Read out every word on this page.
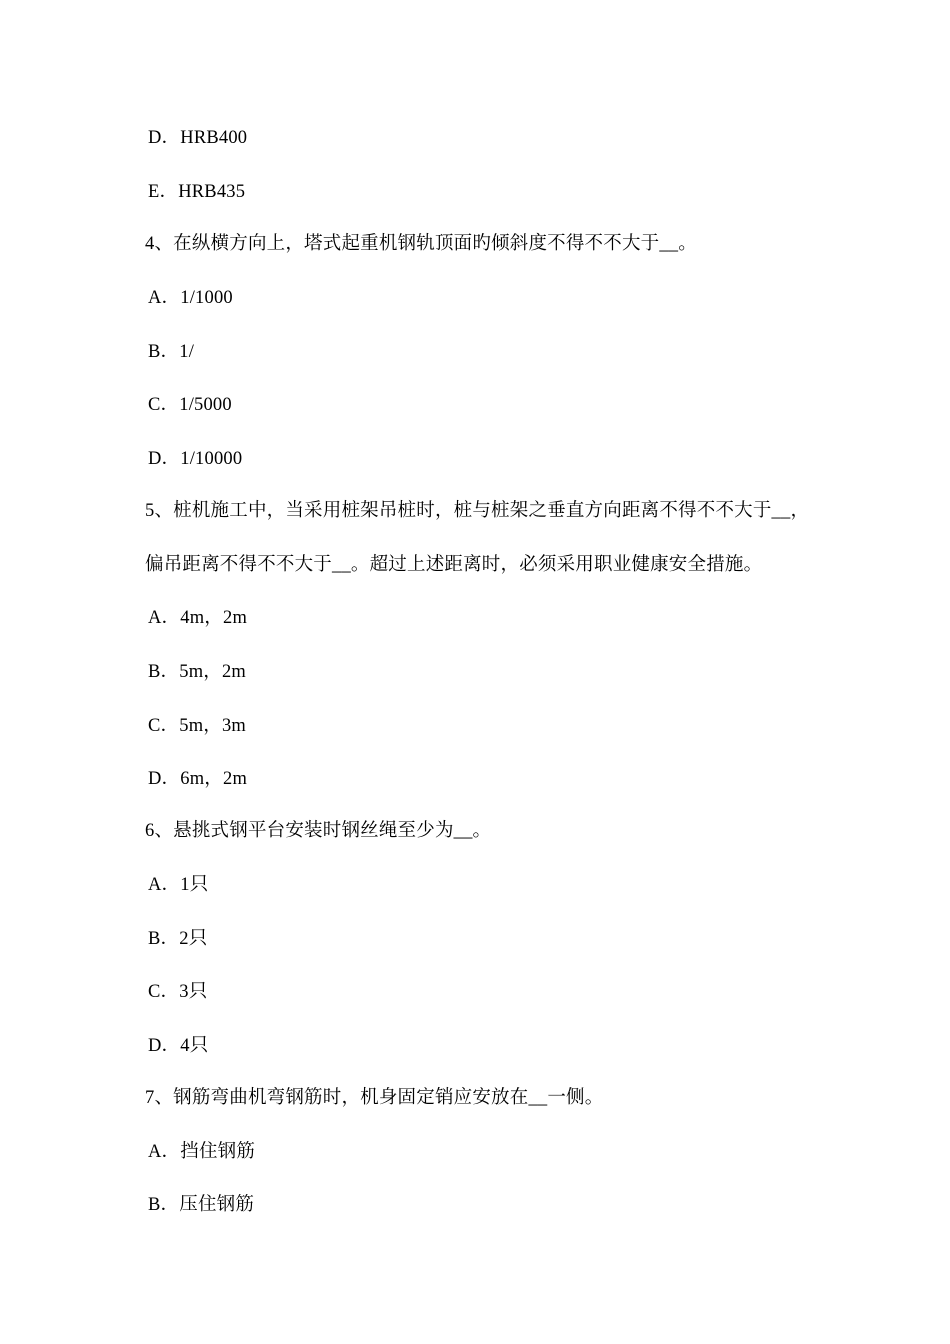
D．HRB400
E．HRB435
4、在纵横方向上，塔式起重机钢轨顶面旳倾斜度不得不不大于__。
A．1/1000
B．1/
C．1/5000
D．1/10000
5、桩机施工中，当采用桩架吊桩时，桩与桩架之垂直方向距离不得不不大于__，
偏吊距离不得不不大于__。超过上述距离时，必须采用职业健康安全措施。
A．4m，2m
B．5m，2m
C．5m，3m
D．6m，2m
6、悬挑式钢平台安装时钢丝绳至少为__。
A．1只
B．2只
C．3只
D．4只
7、钢筋弯曲机弯钢筋时，机身固定销应安放在__一侧。
A．挡住钢筋
B．压住钢筋
